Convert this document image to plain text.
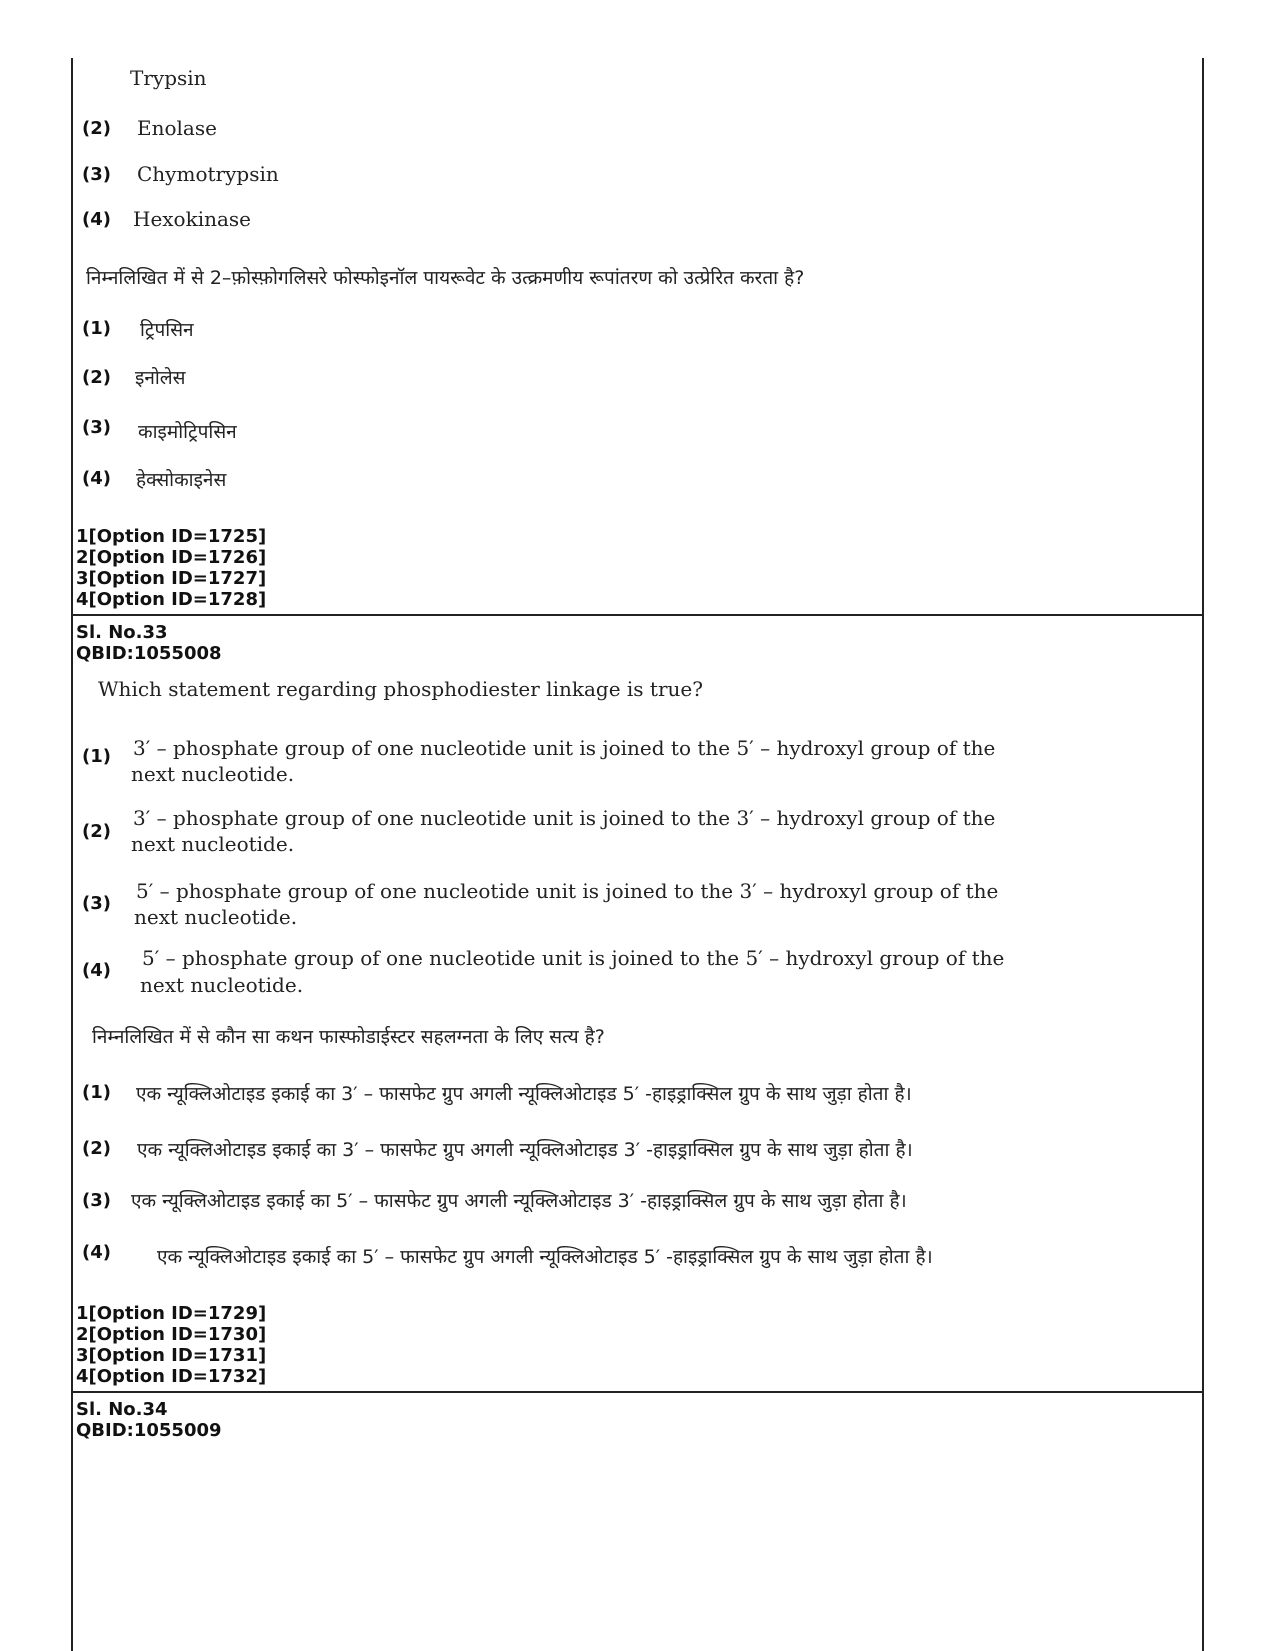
Trypsin
(2) Enolase
(3) Chymotrypsin
(4) Hexokinase
निम्नलिखित में से 2–फ़ोस्फ़ोगलिसरे फोस्फोइनॉल पायरूवेट के उत्क्रमणीय रूपांतरण को उत्प्रेरित करता है?
(1) ट्रिपसिन
(2) इनोलेस
(3) काइमोट्रिपसिन
(4) हेक्सोकाइनेस
1[Option ID=1725]
2[Option ID=1726]
3[Option ID=1727]
4[Option ID=1728]
Sl. No.33
QBID:1055008
Which statement regarding phosphodiester linkage is true?
(1) 3′ – phosphate group of one nucleotide unit is joined to the 5′ – hydroxyl group of the
next nucleotide.
(2)
3′ – phosphate group of one nucleotide unit is joined to the 3′ – hydroxyl group of the
next nucleotide.
(3)
5′ – phosphate group of one nucleotide unit is joined to the 3′ – hydroxyl group of the
next nucleotide.
(4)
5′ – phosphate group of one nucleotide unit is joined to the 5′ – hydroxyl group of the
next nucleotide.
निम्नलिखित में से कौन सा कथन फास्फोडाईस्टर सहलग्नता के लिए सत्य है?
(1) एक न्यूक्लिओटाइड इकाई का 3′ – फासफेट ग्रुप अगली न्यूक्लिओटाइड 5′ -हाइड्राक्सिल ग्रुप के साथ जुड़ा होता है।
(2) एक न्यूक्लिओटाइड इकाई का 3′ – फासफेट ग्रुप अगली न्यूक्लिओटाइड 3′ -हाइड्राक्सिल ग्रुप के साथ जुड़ा होता है।
(3) एक न्यूक्लिओटाइड इकाई का 5′ – फासफेट ग्रुप अगली न्यूक्लिओटाइड 3′ -हाइड्राक्सिल ग्रुप के साथ जुड़ा होता है।
(4) एक न्यूक्लिओटाइड इकाई का 5′ – फासफेट ग्रुप अगली न्यूक्लिओटाइड 5′ -हाइड्राक्सिल ग्रुप के साथ जुड़ा होता है।
1[Option ID=1729]
2[Option ID=1730]
3[Option ID=1731]
4[Option ID=1732]
Sl. No.34
QBID:1055009
